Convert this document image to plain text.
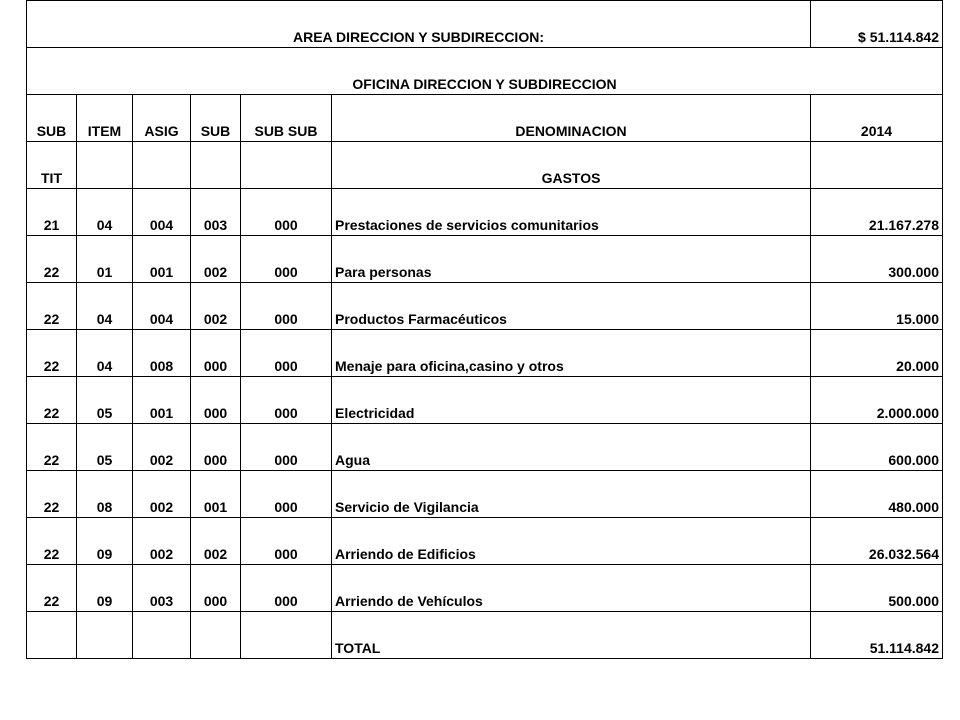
AREA DIRECCION Y SUBDIRECCION:						$ 51.114.842
OFICINA DIRECCION Y SUBDIRECCION						
SUB	ITEM	ASIG	SUB	SUB SUB	DENOMINACION	2014
TIT					GASTOS	
21	04	004	003	000	Prestaciones de servicios comunitarios	21.167.278
22	01	001	002	000	Para personas	300.000
22	04	004	002	000	Productos Farmacéuticos	15.000
22	04	008	000	000	Menaje para oficina,casino y otros	20.000
22	05	001	000	000	Electricidad	2.000.000
22	05	002	000	000	Agua	600.000
22	08	002	001	000	Servicio de Vigilancia	480.000
22	09	002	002	000	Arriendo de Edificios	26.032.564
22	09	003	000	000	Arriendo de Vehículos	500.000
					TOTAL	51.114.842
